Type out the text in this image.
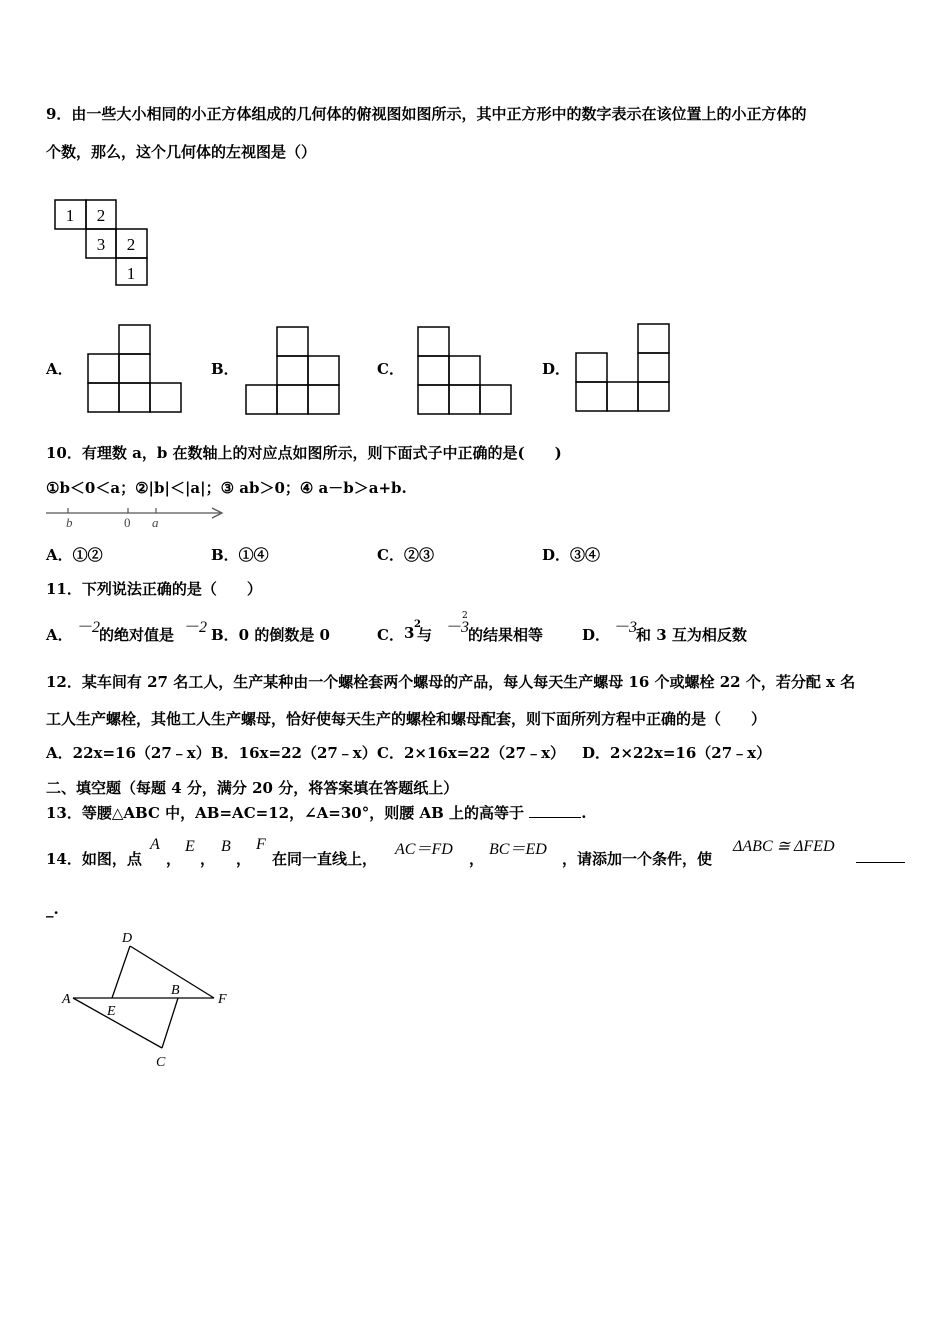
9．由一些大小相同的小正方体组成的几何体的俯视图如图所示，其中正方形中的数字表示在该位置上的小正方体的
个数，那么，这个几何体的左视图是（）
1 2
3 2
1
A．	B．	C．	D．
10．有理数 a，b 在数轴上的对应点如图所示，则下面式子中正确的是(　　)
①b＜0＜a；②|b|＜|a|；③ ab＞0；④ a－b＞a+b.
b	0 a
A．①②	B．①④	C．②③	D．③④
11．下列说法正确的是（　　）
A． －2
的绝对值是 －2 B．0 的倒数是 0	C． 3 2
与 －3
2
的结果相等	D． －3
和 3 互为相反数
12．某车间有 27 名工人，生产某种由一个螺栓套两个螺母的产品，每人每天生产螺母 16 个或螺栓 22 个，若分配 x 名
工人生产螺栓，其他工人生产螺母，恰好使每天生产的螺栓和螺母配套，则下面所列方程中正确的是（　　）
A．22x=16（27﹣x） B．16x=22（27﹣x） C．2×16x=22（27﹣x） D．2×22x=16（27﹣x）
二、填空题（每题 4 分，满分 20 分，将答案填在答题纸上）
13．等腰△ABC 中，AB=AC=12，∠A=30°，则腰 AB 上的高等于	.
14．如图，点
A
，
E
，
B
，
F
在同一直线上，
AC＝FD
，
BC＝ED
，请添加一个条件，使
ΔABC ≅ ΔFED
_.
D
A
E
B
F
C
